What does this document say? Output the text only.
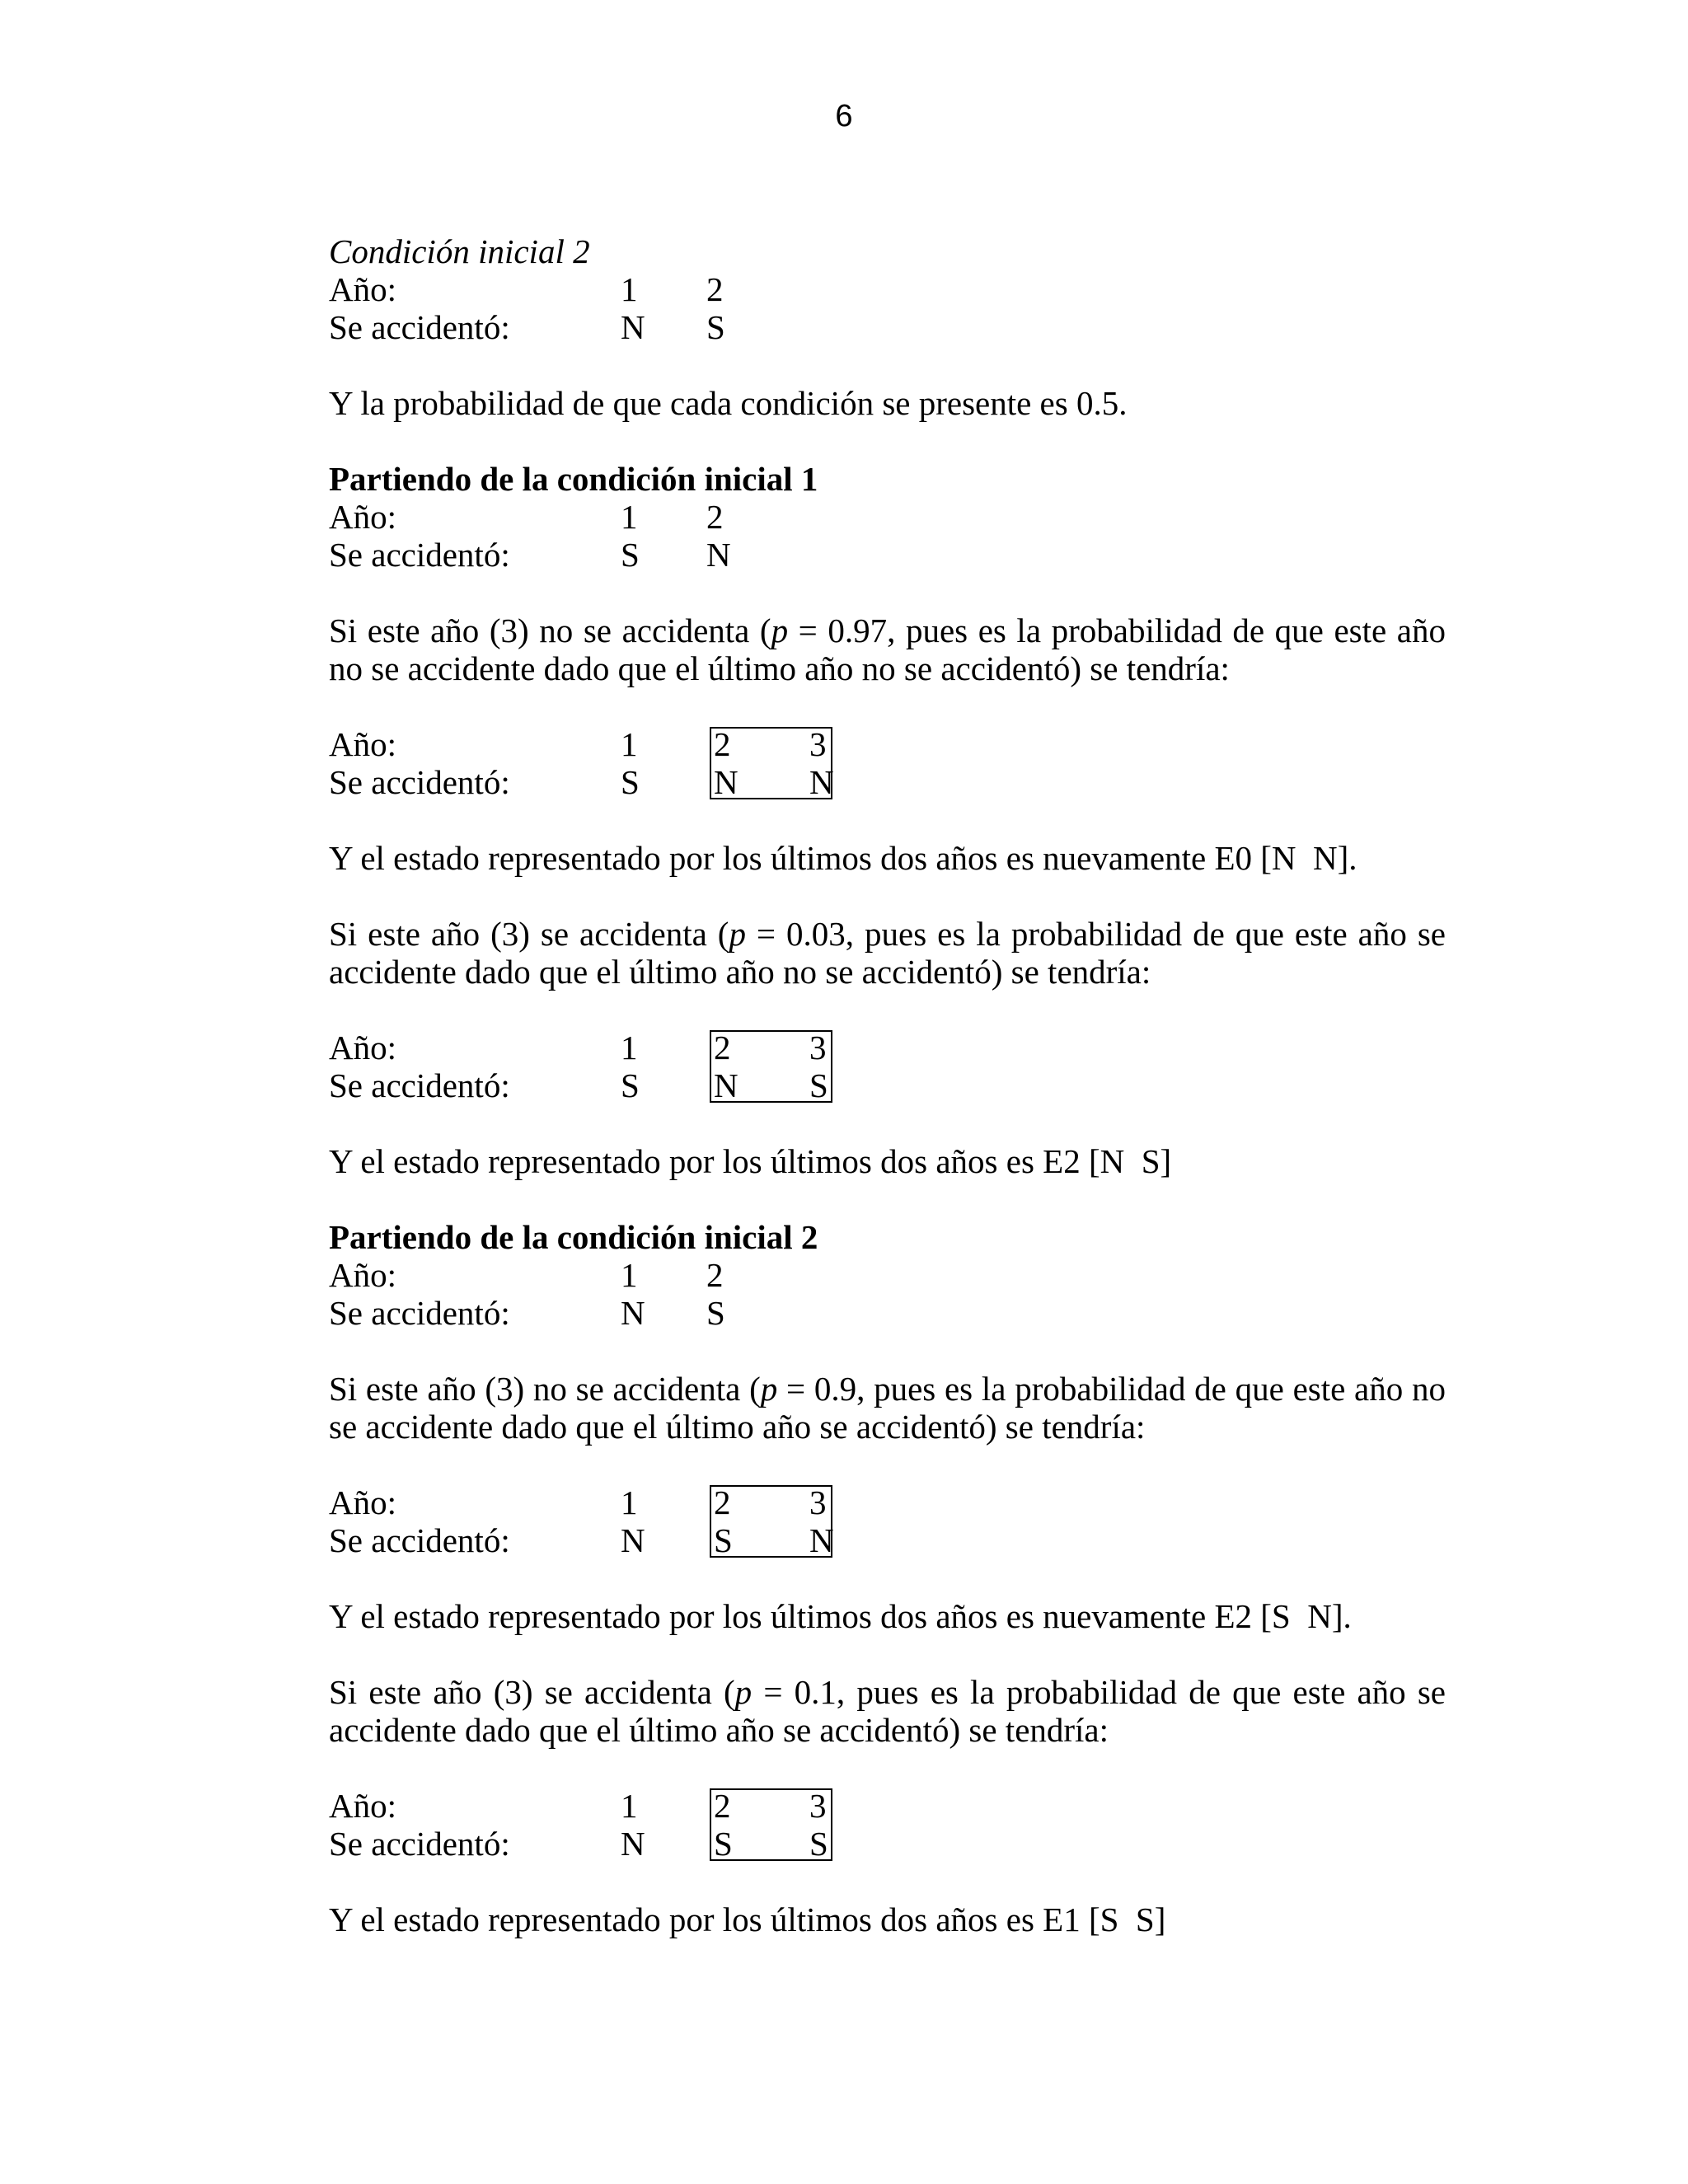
6

Condición inicial 2

Año:	1	2
Se accidentó:	N	S

Y la probabilidad de que cada condición se presente es 0.5.

Partiendo de la condición inicial 1

Año:	1	2
Se accidentó:	S	N

Si este año (3) no se accidenta (p = 0.97, pues es la probabilidad de que este año no se accidente dado que el último año no se accidentó) se tendría:

Año:	1	2	3
Se accidentó:	S	N	N

Y el estado representado por los últimos dos años es nuevamente E0 [N  N].

Si este año (3) se accidenta (p = 0.03, pues es la probabilidad de que este año se accidente dado que el último año no se accidentó) se tendría:

Año:	1	2	3
Se accidentó:	S	N	S

Y el estado representado por los últimos dos años es E2 [N  S]

Partiendo de la condición inicial 2

Año:	1	2
Se accidentó:	N	S

Si este año (3) no se accidenta (p = 0.9, pues es la probabilidad de que este año no se accidente dado que el último año se accidentó) se tendría:

Año:	1	2	3
Se accidentó:	N	S	N

Y el estado representado por los últimos dos años es nuevamente E2 [S  N].

Si este año (3) se accidenta (p = 0.1, pues es la probabilidad de que este año se accidente dado que el último año se accidentó) se tendría:

Año:	1	2	3
Se accidentó:	N	S	S

Y el estado representado por los últimos dos años es E1 [S  S]
